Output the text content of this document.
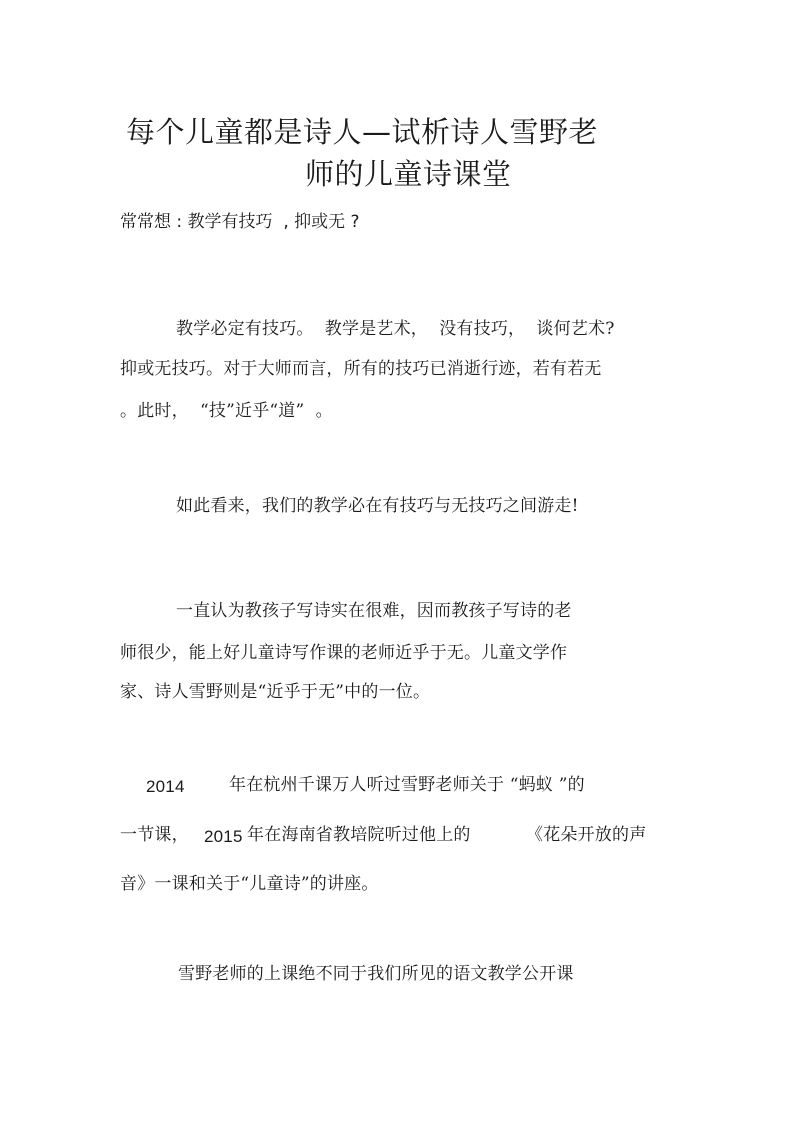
每个儿童都是诗人—试析诗人雪野老
师的儿童诗课堂
常常想 : 教学有技巧  , 抑或无 ?
教学必定有技巧。  教学是艺术，  没有技巧，  谈何艺术?
抑或无技巧。对于大师而言，所有的技巧已消逝行迹，若有若无
。此时，  “技”近乎“道”  。
如此看来，我们的教学必在有技巧与无技巧之间游走!
一直认为教孩子写诗实在很难，因而教孩子写诗的老
师很少，能上好儿童诗写作课的老师近乎于无。儿童文学作
家、诗人雪野则是“近乎于无”中的一位。
2014	年在杭州千课万人听过雪野老师关于 “蚂蚁 ”的
一节课， 2015 年在海南省教培院听过他上的	《花朵开放的声
音》一课和关于“儿童诗”的讲座。
雪野老师的上课绝不同于我们所见的语文教学公开课
